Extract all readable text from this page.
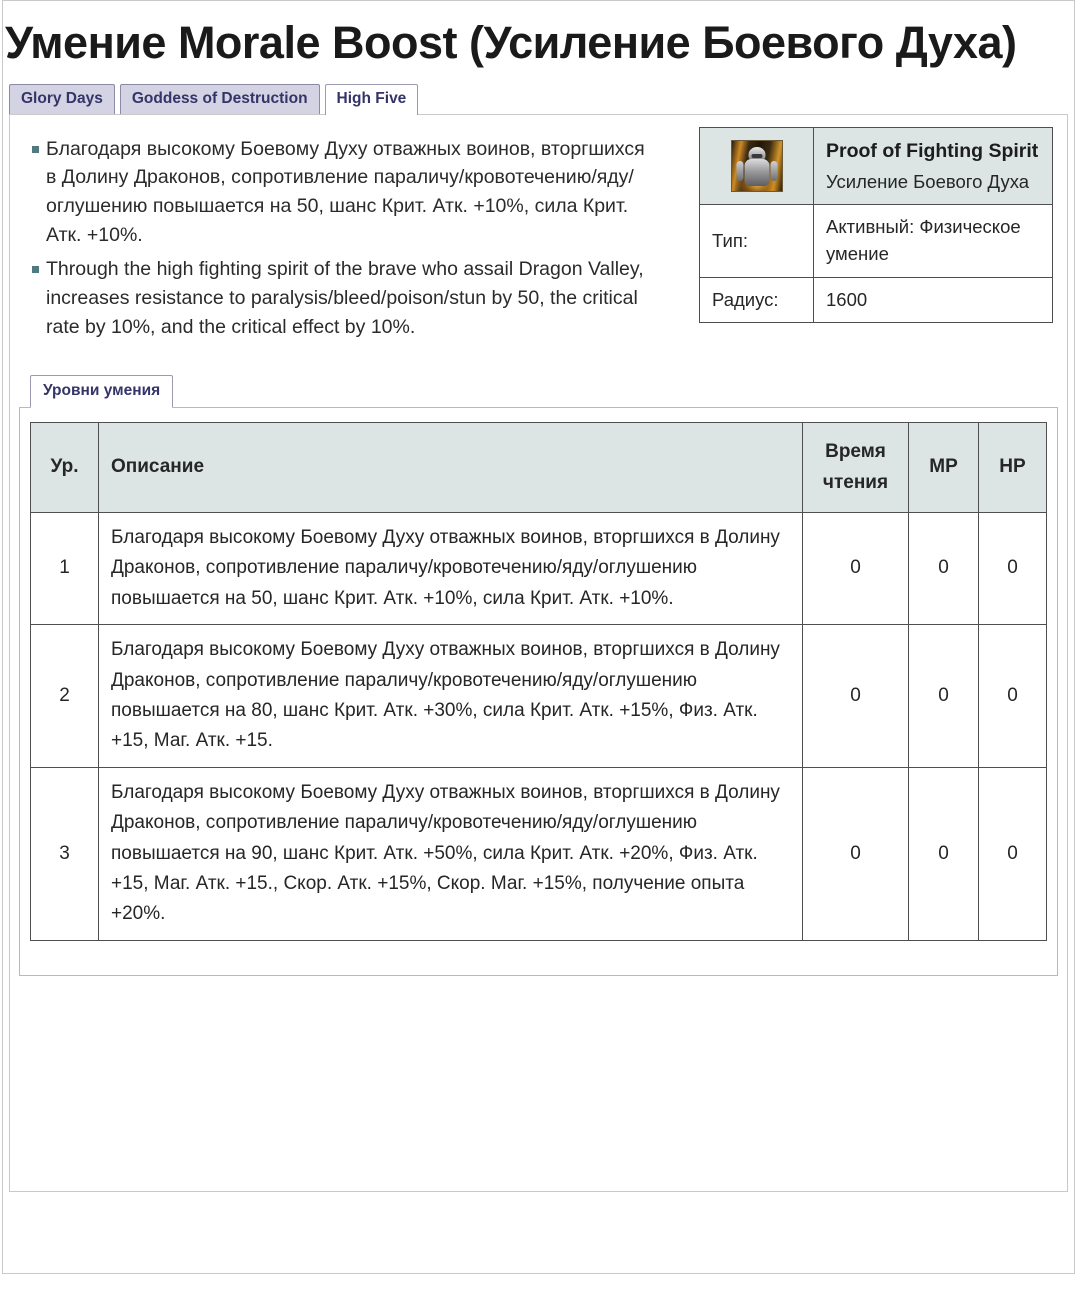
Умение Morale Boost (Усиление Боевого Духа)
Glory Days	Goddess of Destruction	High Five
Благодаря высокому Боевому Духу отважных воинов, вторгшихся в Долину Драконов, сопротивление параличу/кровотечению/яду/оглушению повышается на 50, шанс Крит. Атк. +10%, сила Крит. Атк. +10%.
Through the high fighting spirit of the brave who assail Dragon Valley, increases resistance to paralysis/bleed/poison/stun by 50, the critical rate by 10%, and the critical effect by 10%.

	Proof of Fighting Spirit
Усиление Боевого Духа
Тип:	Активный: Физическое умение
Радиус:	1600
Уровни умения
Ур.	Описание	Время чтения	MP	HP
1	Благодаря высокому Боевому Духу отважных воинов, вторгшихся в Долину Драконов, сопротивление параличу/кровотечению/яду/оглушению повышается на 50, шанс Крит. Атк. +10%, сила Крит. Атк. +10%.	0	0	0
2	Благодаря высокому Боевому Духу отважных воинов, вторгшихся в Долину Драконов, сопротивление параличу/кровотечению/яду/оглушению повышается на 80, шанс Крит. Атк. +30%, сила Крит. Атк. +15%, Физ. Атк. +15, Маг. Атк. +15.	0	0	0
3	Благодаря высокому Боевому Духу отважных воинов, вторгшихся в Долину Драконов, сопротивление параличу/кровотечению/яду/оглушению повышается на 90, шанс Крит. Атк. +50%, сила Крит. Атк. +20%, Физ. Атк. +15, Маг. Атк. +15., Скор. Атк. +15%, Скор. Маг. +15%, получение опыта +20%.	0	0	0
